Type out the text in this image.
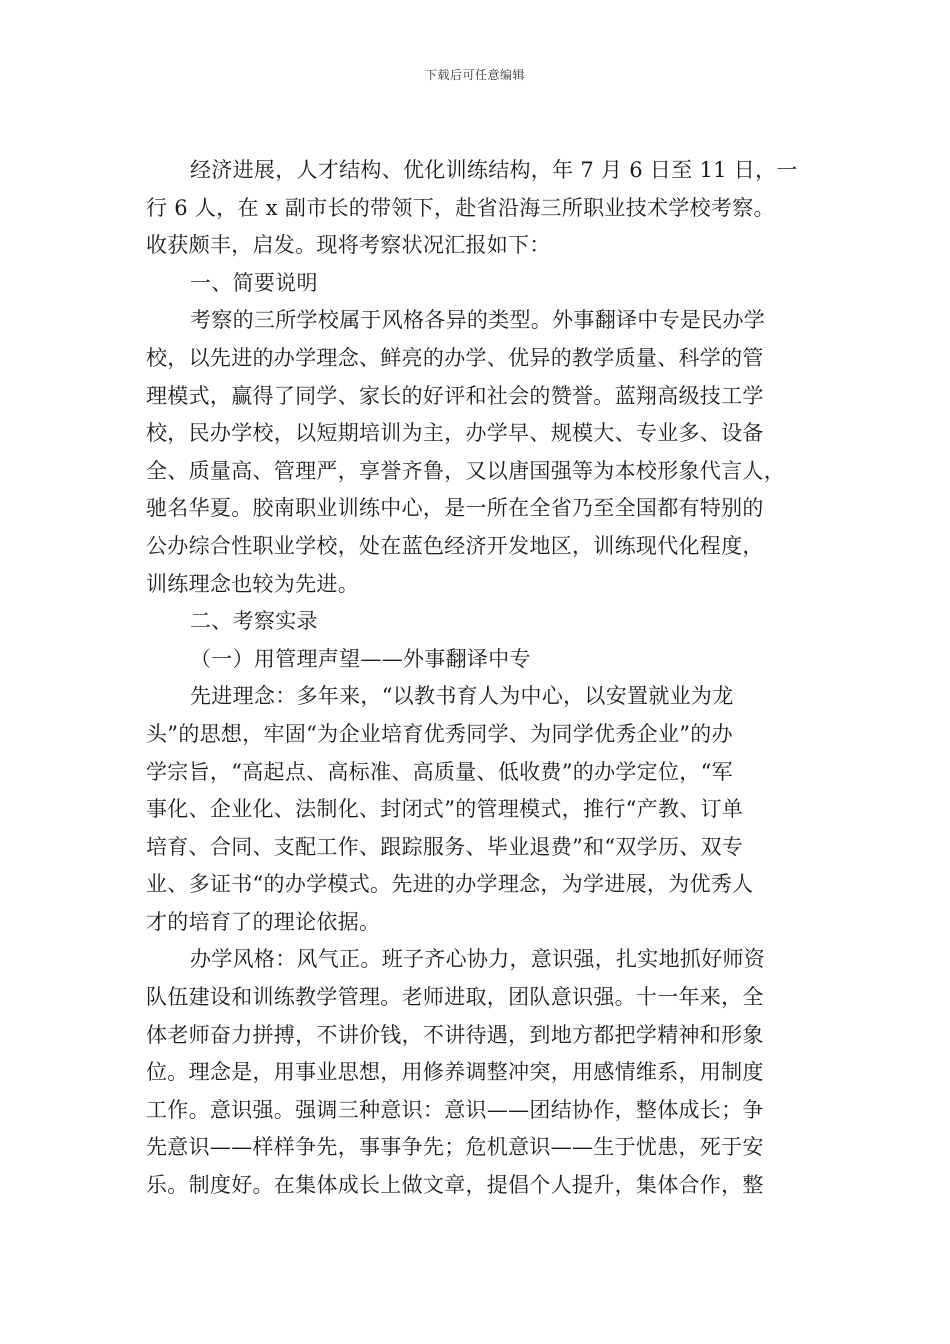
下载后可任意编辑
经济进展，人才结构、优化训练结构，年 7 月 6 日至 11 日，一
行 6 人，在 x 副市长的带领下，赴省沿海三所职业技术学校考察。
收获颇丰，启发。现将考察状况汇报如下：
一、简要说明
考察的三所学校属于风格各异的类型。外事翻译中专是民办学
校，以先进的办学理念、鲜亮的办学、优异的教学质量、科学的管
理模式，赢得了同学、家长的好评和社会的赞誉。蓝翔高级技工学
校，民办学校，以短期培训为主，办学早、规模大、专业多、设备
全、质量高、管理严，享誉齐鲁，又以唐国强等为本校形象代言人，
驰名华夏。胶南职业训练中心，是一所在全省乃至全国都有特别的
公办综合性职业学校，处在蓝色经济开发地区，训练现代化程度，
训练理念也较为先进。
二、考察实录
（一）用管理声望——外事翻译中专
先进理念：多年来，“以教书育人为中心，以安置就业为龙
头”的思想，牢固“为企业培育优秀同学、为同学优秀企业”的办
学宗旨，“高起点、高标准、高质量、低收费”的办学定位，“军
事化、企业化、法制化、封闭式”的管理模式，推行“产教、订单
培育、合同、支配工作、跟踪服务、毕业退费”和“双学历、双专
业、多证书“的办学模式。先进的办学理念，为学进展，为优秀人
才的培育了的理论依据。
办学风格：风气正。班子齐心协力，意识强，扎实地抓好师资
队伍建设和训练教学管理。老师进取，团队意识强。十一年来，全
体老师奋力拼搏，不讲价钱，不讲待遇，到地方都把学精神和形象
位。理念是，用事业思想，用修养调整冲突，用感情维系，用制度
工作。意识强。强调三种意识：意识——团结协作，整体成长；争
先意识——样样争先，事事争先；危机意识——生于忧患，死于安
乐。制度好。在集体成长上做文章，提倡个人提升，集体合作，整
